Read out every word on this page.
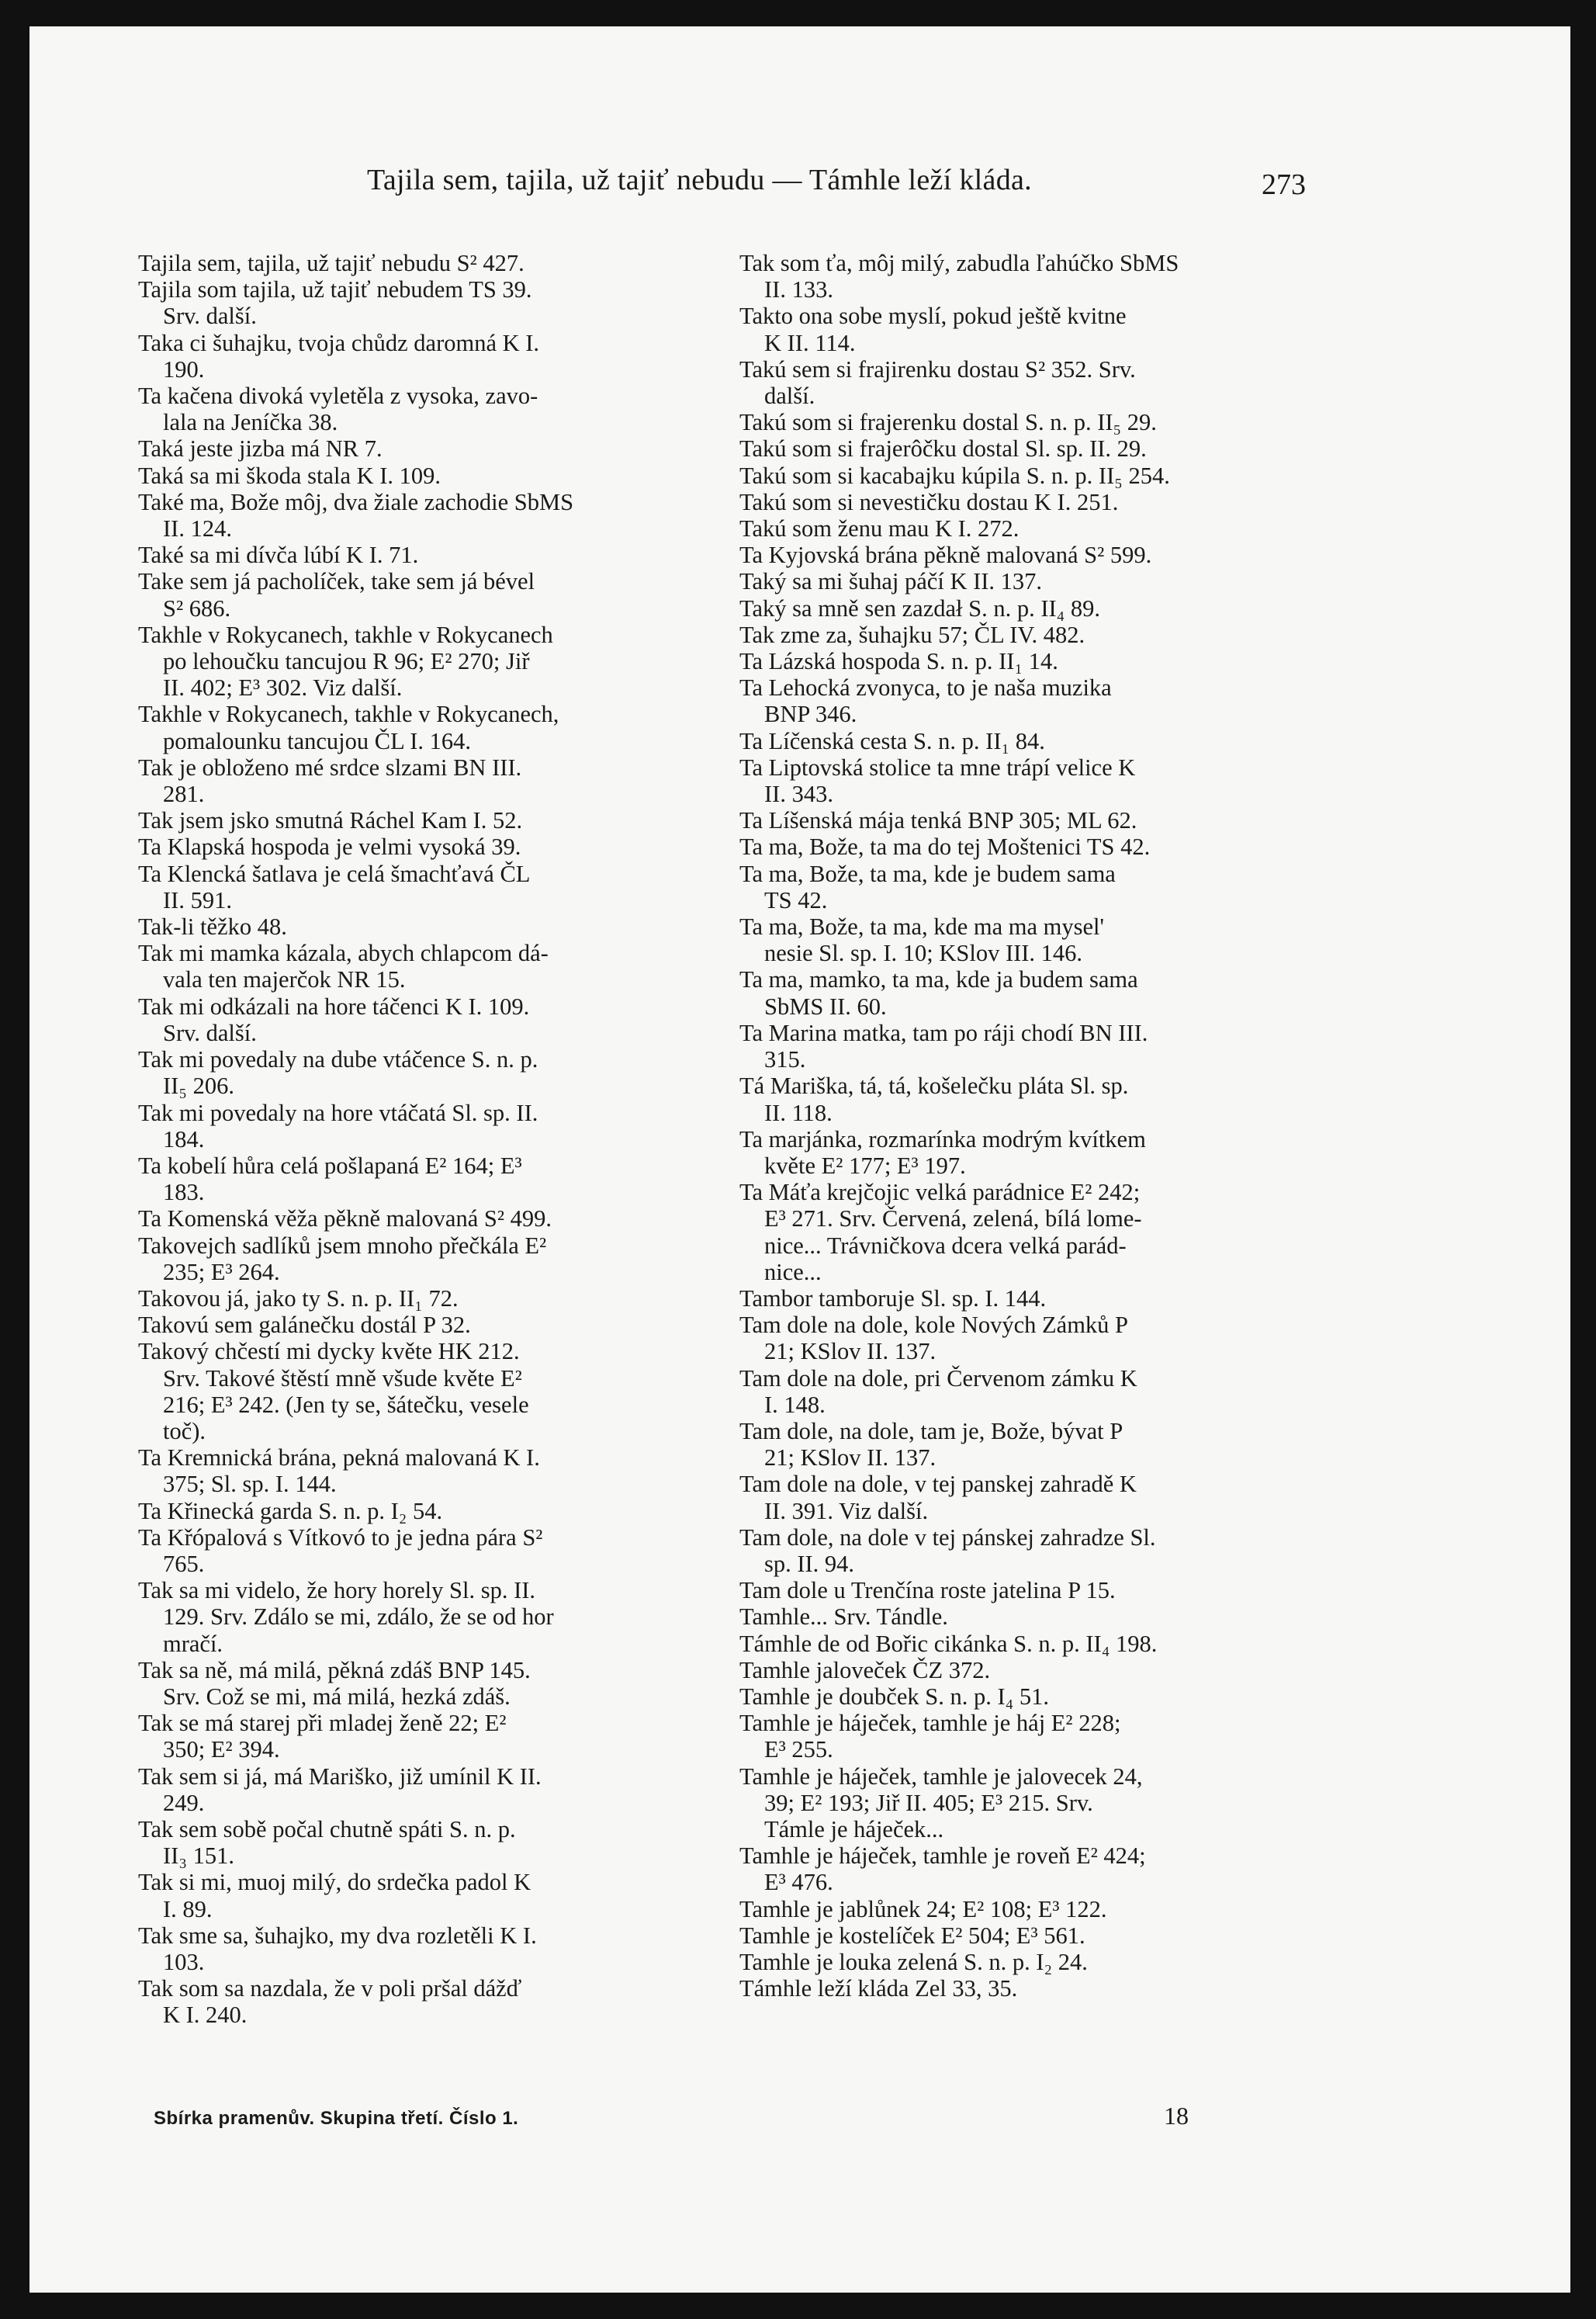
Tajila sem, tajila, už tajiť nebudu — Támhle leží kláda.	273
Tajila sem, tajila, už tajiť nebudu S² 427.
Tajila som tajila, už tajiť nebudem TS 39.
Srv. další.
Taka ci šuhajku, tvoja chůdz daromná K I.
190.
Ta kačena divoká vyletěla z vysoka, zavo-
lala na Jeníčka 38.
Taká jeste jizba má NR 7.
Taká sa mi škoda stala K I. 109.
Také ma, Bože môj, dva žiale zachodie SbMS
II. 124.
Také sa mi dívča lúbí K I. 71.
Take sem já pacholíček, take sem já bével
S² 686.
Takhle v Rokycanech, takhle v Rokycanech
po lehoučku tancujou R 96; E² 270; Jiř
II. 402; E³ 302. Viz další.
Takhle v Rokycanech, takhle v Rokycanech,
pomalounku tancujou ČL I. 164.
Tak je obloženo mé srdce slzami BN III.
281.
Tak jsem jsko smutná Ráchel Kam I. 52.
Ta Klapská hospoda je velmi vysoká 39.
Ta Klencká šatlava je celá šmachťavá ČL
II. 591.
Tak-li těžko 48.
Tak mi mamka kázala, abych chlapcom dá-
vala ten majerčok NR 15.
Tak mi odkázali na hore táčenci K I. 109.
Srv. další.
Tak mi povedaly na dube vtáčence S. n. p.
II₅ 206.
Tak mi povedaly na hore vtáčatá Sl. sp. II.
184.
Ta kobelí hůra celá pošlapaná E² 164; E³
183.
Ta Komenská věža pěkně malovaná S² 499.
Takovejch sadlíků jsem mnoho přečkála E²
235; E³ 264.
Takovou já, jako ty S. n. p. II₁ 72.
Takovú sem galánečku dostál P 32.
Takový chčestí mi dycky květe HK 212.
Srv. Takové štěstí mně všude květe E²
216; E³ 242. (Jen ty se, šátečku, vesele
toč).
Ta Kremnická brána, pekná malovaná K I.
375; Sl. sp. I. 144.
Ta Křinecká garda S. n. p. I₂ 54.
Ta Křópalová s Vítkovó to je jedna pára S²
765.
Tak sa mi videlo, že hory horely Sl. sp. II.
129. Srv. Zdálo se mi, zdálo, že se od hor
mračí.
Tak sa ně, má milá, pěkná zdáš BNP 145.
Srv. Což se mi, má milá, hezká zdáš.
Tak se má starej při mladej ženě 22; E²
350; E² 394.
Tak sem si já, má Mariško, již umínil K II.
249.
Tak sem sobě počal chutně spáti S. n. p.
II₃ 151.
Tak si mi, muoj milý, do srdečka padol K
I. 89.
Tak sme sa, šuhajko, my dva rozletěli K I.
103.
Tak som sa nazdala, že v poli pršal dážď
K I. 240.
Tak som ťa, môj milý, zabudla ľahúčko SbMS
II. 133.
Takto ona sobe myslí, pokud ještě kvitne
K II. 114.
Takú sem si frajirenku dostau S² 352. Srv.
další.
Takú som si frajerenku dostal S. n. p. II₅ 29.
Takú som si frajerôčku dostal Sl. sp. II. 29.
Takú som si kacabajku kúpila S. n. p. II₅ 254.
Takú som si nevestičku dostau K I. 251.
Takú som ženu mau K I. 272.
Ta Kyjovská brána pěkně malovaná S² 599.
Taký sa mi šuhaj páčí K II. 137.
Taký sa mně sen zazdał S. n. p. II₄ 89.
Tak zme za, šuhajku 57; ČL IV. 482.
Ta Lázská hospoda S. n. p. II₁ 14.
Ta Lehocká zvonyca, to je naša muzika
BNP 346.
Ta Líčenská cesta S. n. p. II₁ 84.
Ta Liptovská stolice ta mne trápí velice K
II. 343.
Ta Líšenská mája tenká BNP 305; ML 62.
Ta ma, Bože, ta ma do tej Moštenici TS 42.
Ta ma, Bože, ta ma, kde je budem sama
TS 42.
Ta ma, Bože, ta ma, kde ma ma mysel'
nesie Sl. sp. I. 10; KSlov III. 146.
Ta ma, mamko, ta ma, kde ja budem sama
SbMS II. 60.
Ta Marina matka, tam po ráji chodí BN III.
315.
Tá Mariška, tá, tá, košelečku pláta Sl. sp.
II. 118.
Ta marjánka, rozmarínka modrým kvítkem
květe E² 177; E³ 197.
Ta Máťa krejčojic velká parádnice E² 242;
E³ 271. Srv. Červená, zelená, bílá lome-
nice... Trávničkova dcera velká parád-
nice...
Tambor tamboruje Sl. sp. I. 144.
Tam dole na dole, kole Nových Zámků P
21; KSlov II. 137.
Tam dole na dole, pri Červenom zámku K
I. 148.
Tam dole, na dole, tam je, Bože, bývat P
21; KSlov II. 137.
Tam dole na dole, v tej panskej zahradě K
II. 391. Viz další.
Tam dole, na dole v tej pánskej zahradze Sl.
sp. II. 94.
Tam dole u Trenčína roste jatelina P 15.
Tamhle... Srv. Tándle.
Támhle de od Bořic cikánka S. n. p. II₄ 198.
Tamhle jaloveček ČZ 372.
Tamhle je doubček S. n. p. I₄ 51.
Tamhle je háječek, tamhle je háj E² 228;
E³ 255.
Tamhle je háječek, tamhle je jalovecek 24,
39; E² 193; Jiř II. 405; E³ 215. Srv.
Támle je háječek...
Tamhle je háječek, tamhle je roveň E² 424;
E³ 476.
Tamhle je jablůnek 24; E² 108; E³ 122.
Tamhle je kostelíček E² 504; E³ 561.
Tamhle je louka zelená S. n. p. I₂ 24.
Támhle leží kláda Zel 33, 35.
Sbírka pramenův. Skupina třetí. Číslo 1.	18
